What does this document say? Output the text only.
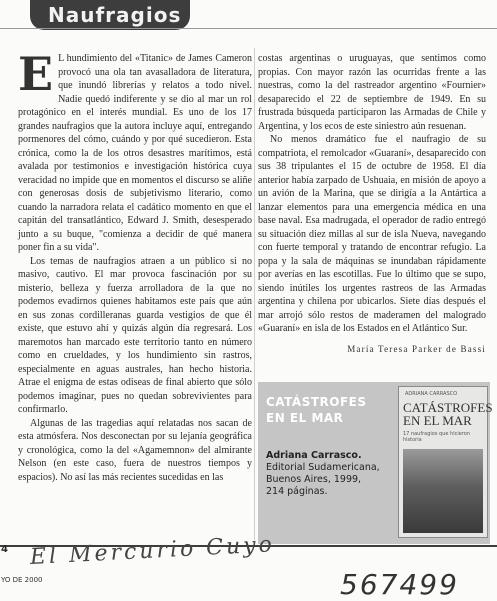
Naufragios

E L hundimiento del «Titanic» de James Cameron provocó una ola tan avasalladora de literatura, que inundó librerías y relatos a todo nivel. Nadie quedó indiferente y se dio al mar un rol protagónico en el interés mundial. Es uno de los 17 grandes naufragios que la autora incluye aquí, entregando pormenores del cómo, cuándo y por qué sucedieron. Esta crónica, como la de los otros desastres marítimos, está avalada por testimonios e investigación histórica cuya veracidad no impide que en momentos el discurso se aliñe con generosas dosis de subjetivismo literario, como cuando la narradora relata el cadático momento en que el capitán del transatlántico, Edward J. Smith, desesperado junto a su buque, "comienza a decidir de qué manera poner fin a su vida".

Los temas de naufragios atraen a un público si no masivo, cautivo. El mar provoca fascinación por su misterio, belleza y fuerza arrolladora de la que no podemos evadirnos quienes habitamos este país que aún en sus zonas cordilleranas guarda vestigios de que él existe, que estuvo ahí y quizás algún día regresará. Los maremotos han marcado este territorio tanto en número como en crueldades, y los hundimiento sin rastros, especialmente en aguas australes, han hecho historia. Atrae el enigma de estas odiseas de final abierto que sólo podemos imaginar, pues no quedan sobrevivientes para confirmarlo.

Algunas de las tragedias aquí relatadas nos sacan de esta atmósfera. Nos desconectan por su lejanía geográfica y cronológica, como la del «Agamemnon» del almirante Nelson (en este caso, fuera de nuestros tiempos y espacios). No así las más recientes sucedidas en las

costas argentinas o uruguayas, que sentimos como propias. Con mayor razón las ocurridas frente a las nuestras, como la del rastreador argentino «Fournier» desaparecido el 22 de septiembre de 1949. En su frustrada búsqueda participaron las Armadas de Chile y Argentina, y los ecos de este siniestro aún resuenan.

No menos dramático fue el naufragio de su compatriota, el remolcador «Guaraní», desaparecido con sus 38 tripulantes el 15 de octubre de 1958. El día anterior había zarpado de Ushuaia, en misión de apoyo a un avión de la Marina, que se dirigía a la Antártica a lanzar elementos para una emergencia médica en una base naval. Esa madrugada, el operador de radio entregó su situación diez millas al sur de isla Nueva, navegando con fuerte temporal y tratando de encontrar refugio. La popa y la sala de máquinas se inundaban rápidamente por averías en las escotillas. Fue lo último que se supo, siendo inútiles los urgentes rastreos de las Armadas argentina y chilena por ubicarlos. Siete días después el mar arrojó sólo restos de maderamen del malogrado «Guaraní» en isla de los Estados en el Atlántico Sur.

María Teresa Parker de Bassi
CATÁSTROFES
EN EL MAR
Adriana Carrasco.
Editorial Sudamericana,
Buenos Aires, 1999,
214 páginas.
ADRIANA CARRASCO
CATÁSTROFES EN EL MAR
17 naufragios que hicieron historia
4
YO DE 2000
El Mercurio Cuyo
567499
